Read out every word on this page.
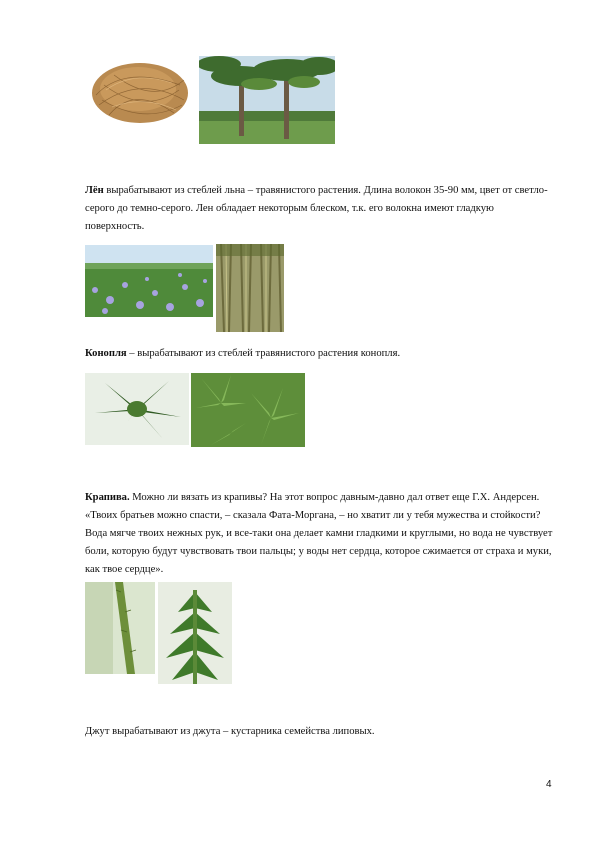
Лён вырабатывают из стеблей льна – травянистого растения. Длина волокон 35-90 мм, цвет от светло-серого до темно-серого. Лен обладает некоторым блеском, т.к. его волокна имеют гладкую поверхность.

Конопля – вырабатывают из стеблей травянистого растения конопля.

Крапива. Можно ли вязать из крапивы? На этот вопрос давным-давно дал ответ еще Г.Х. Андерсен. «Твоих братьев можно спасти, – сказала Фата-Моргана, – но хватит ли у тебя мужества и стойкости? Вода мягче твоих нежных рук, и все-таки она делает камни гладкими и круглыми, но вода не чувствует боли, которую будут чувствовать твои пальцы; у воды нет сердца, которое сжимается от страха и муки, как твое сердце».

Джут вырабатывают из джута – кустарника семейства липовых.

4
